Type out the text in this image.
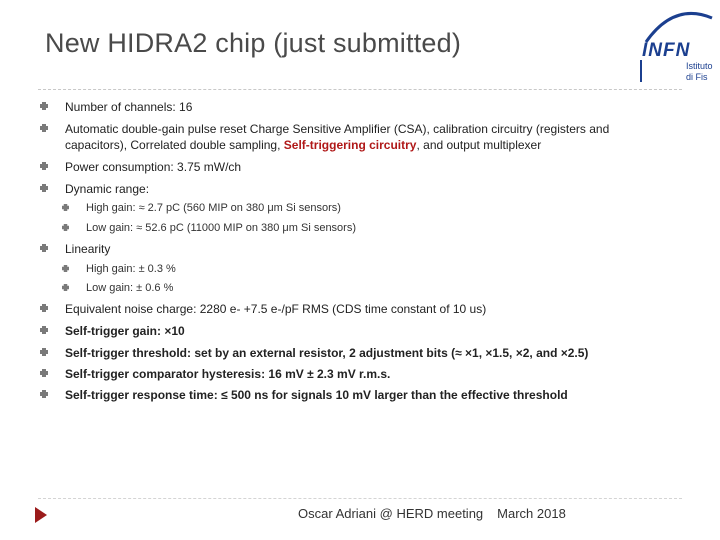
New HIDRA2 chip (just submitted)	INFN
Istituto
di Fis
Number of channels: 16
Automatic double-gain pulse reset Charge Sensitive Amplifier (CSA), calibration circuitry (registers and capacitors), Correlated double sampling, Self-triggering circuitry, and output multiplexer
Power consumption: 3.75 mW/ch
Dynamic range:
High gain: ≈ 2.7 pC (560 MIP on 380 μm Si sensors)
Low gain: ≈ 52.6 pC (11000 MIP on 380 μm Si sensors)
Linearity
High gain: ± 0.3 %
Low gain: ± 0.6 %
Equivalent noise charge: 2280 e- +7.5 e-/pF RMS (CDS time constant of 10 us)
Self-trigger gain: ×10
Self-trigger threshold: set by an external resistor, 2 adjustment bits (≈ ×1, ×1.5, ×2, and ×2.5)
Self-trigger comparator hysteresis: 16 mV ± 2.3 mV r.m.s.
Self-trigger response time: ≤ 500 ns for signals 10 mV larger than the effective threshold
Oscar Adriani @ HERD meeting March 2018
